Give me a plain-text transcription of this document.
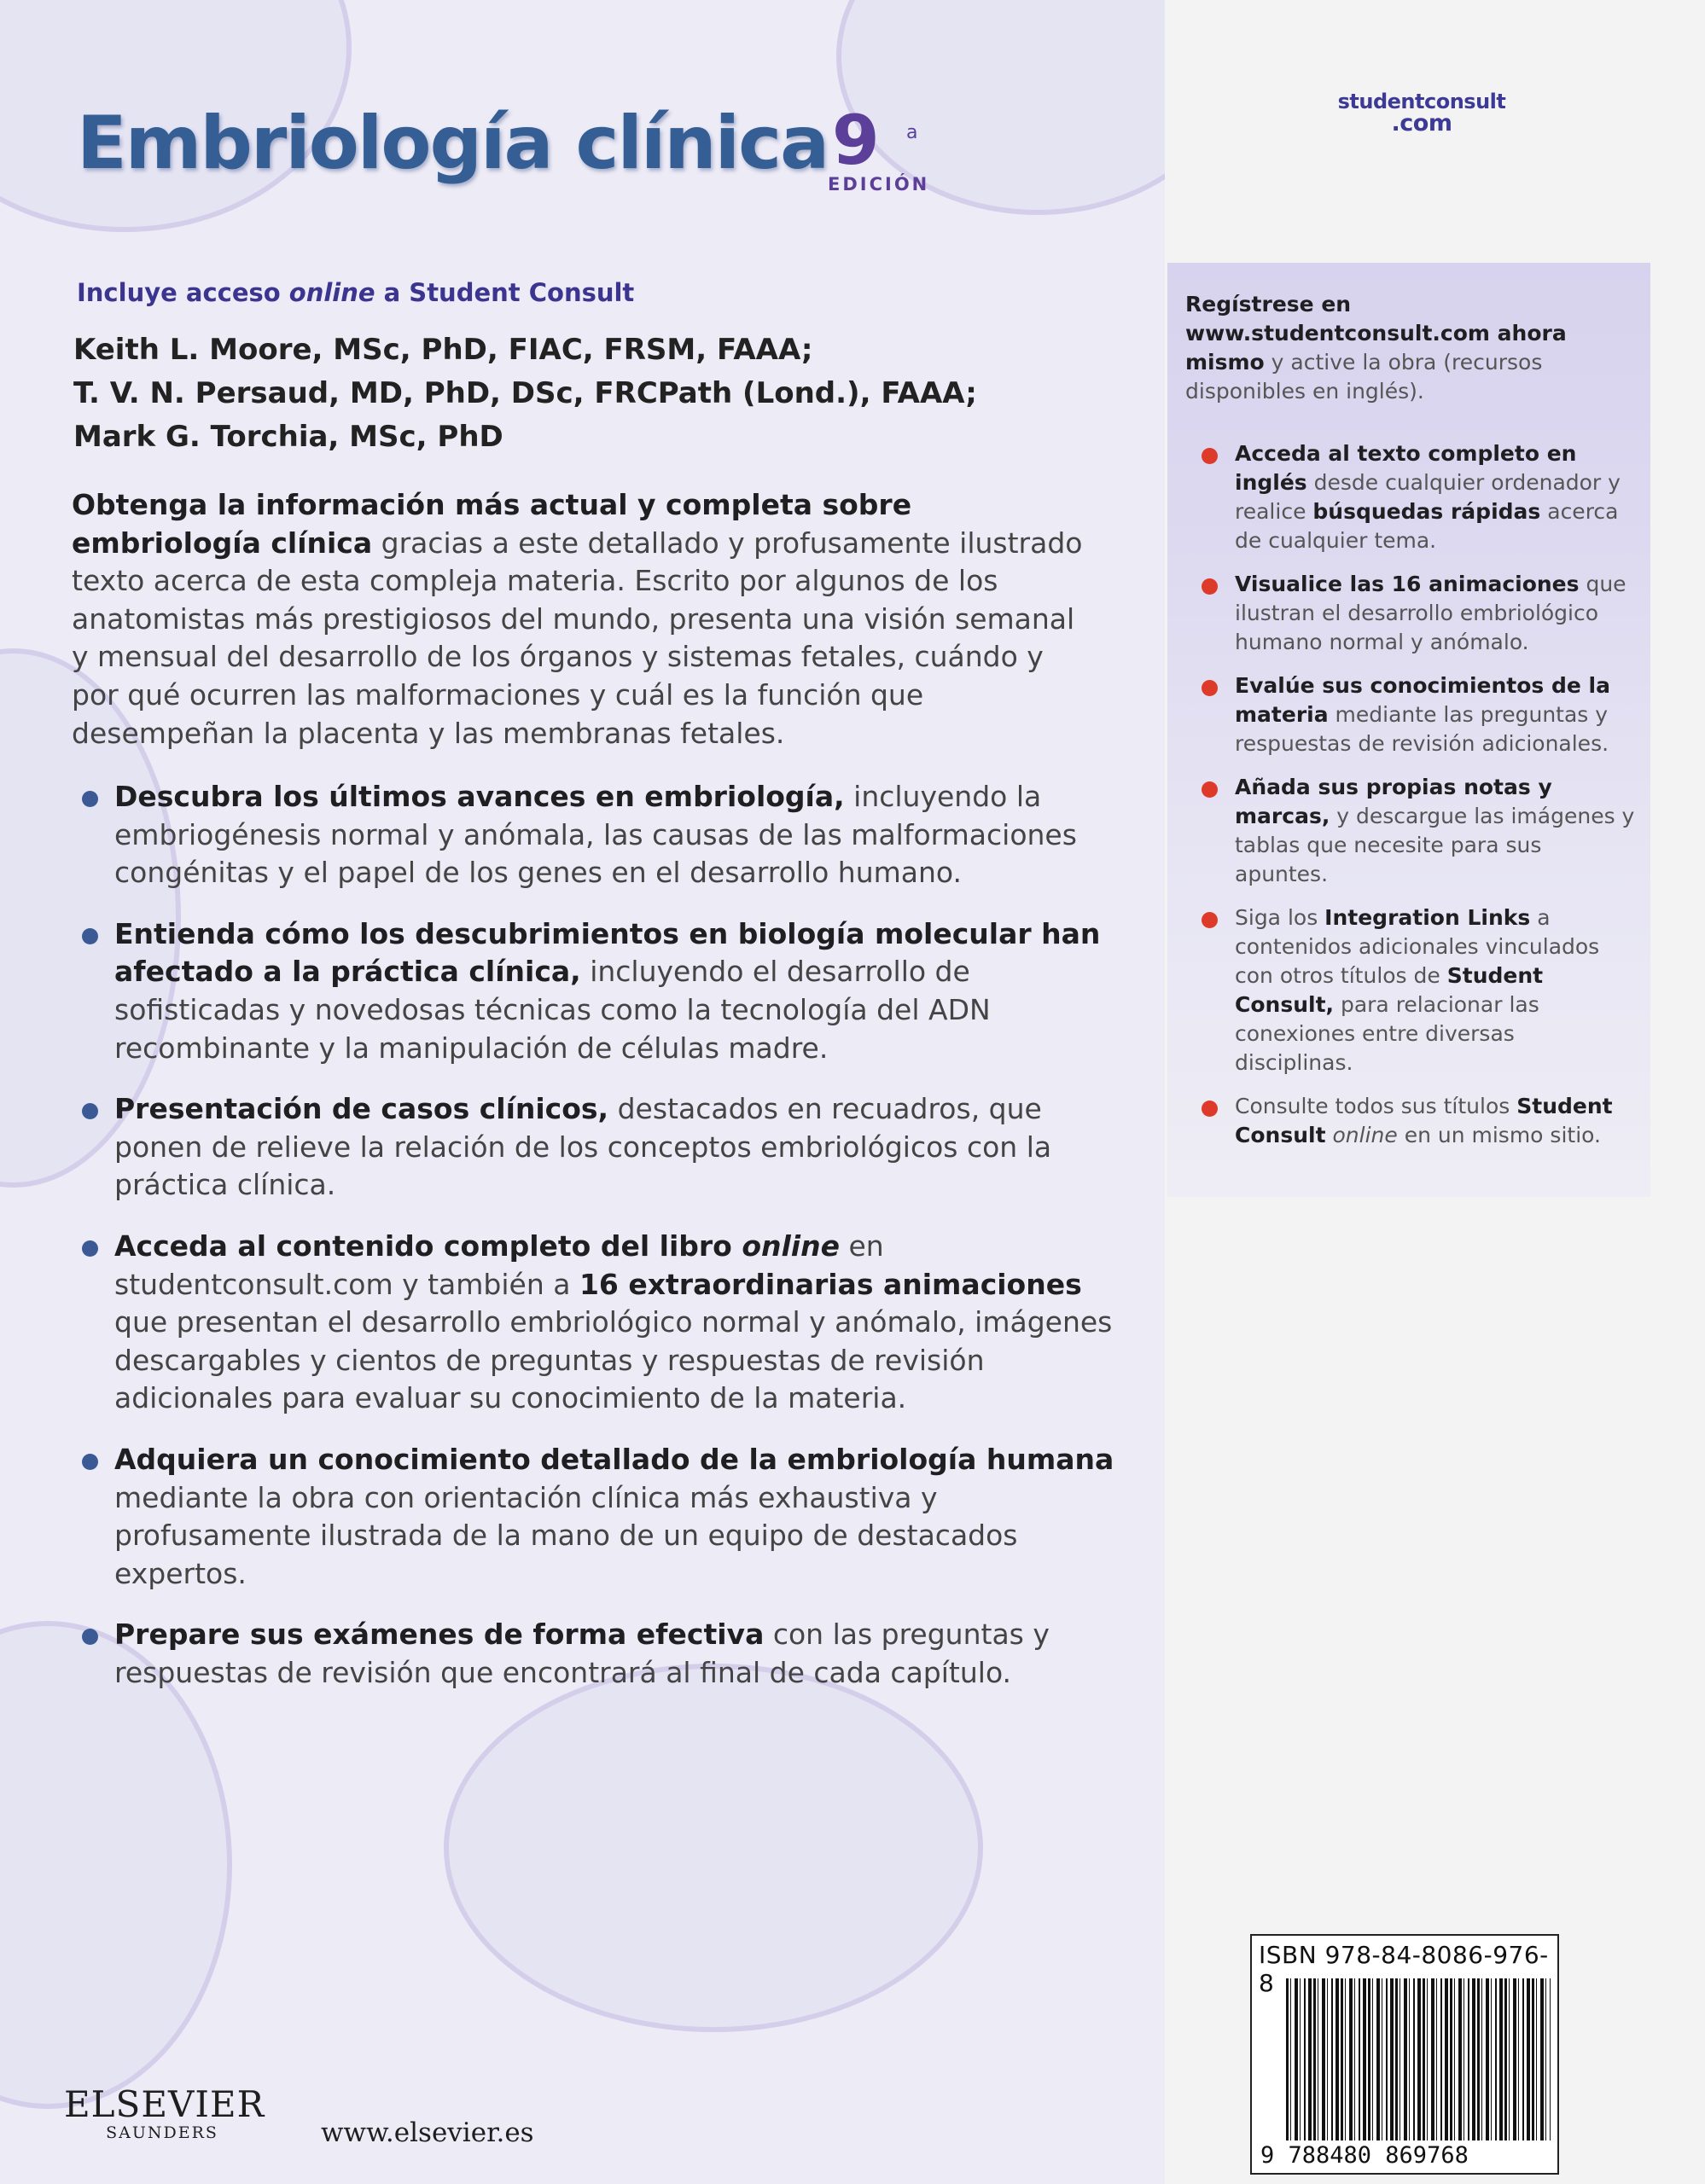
Embriología clínica 9 a
EDICIÓN
Incluye acceso online a Student Consult
Keith L. Moore, MSc, PhD, FIAC, FRSM, FAAA;
T. V. N. Persaud, MD, PhD, DSc, FRCPath (Lond.), FAAA;
Mark G. Torchia, MSc, PhD
Obtenga la información más actual y completa sobre embriología clínica gracias a este detallado y profusamente ilustrado texto acerca de esta compleja materia. Escrito por algunos de los anatomistas más prestigiosos del mundo, presenta una visión semanal y mensual del desarrollo de los órganos y sistemas fetales, cuándo y por qué ocurren las malformaciones y cuál es la función que desempeñan la placenta y las membranas fetales.
Descubra los últimos avances en embriología, incluyendo la embriogénesis normal y anómala, las causas de las malformaciones congénitas y el papel de los genes en el desarrollo humano.
Entienda cómo los descubrimientos en biología molecular han afectado a la práctica clínica, incluyendo el desarrollo de sofisticadas y novedosas técnicas como la tecnología del ADN recombinante y la manipulación de células madre.
Presentación de casos clínicos, destacados en recuadros, que ponen de relieve la relación de los conceptos embriológicos con la práctica clínica.
Acceda al contenido completo del libro online en studentconsult.com y también a 16 extraordinarias animaciones que presentan el desarrollo embriológico normal y anómalo, imágenes descargables y cientos de preguntas y respuestas de revisión adicionales para evaluar su conocimiento de la materia.
Adquiera un conocimiento detallado de la embriología humana mediante la obra con orientación clínica más exhaustiva y profusamente ilustrada de la mano de un equipo de destacados expertos.
Prepare sus exámenes de forma efectiva con las preguntas y respuestas de revisión que encontrará al final de cada capítulo.
studentconsult
.com
Regístrese en www.studentconsult.com ahora mismo y active la obra (recursos disponibles en inglés).
Acceda al texto completo en inglés desde cualquier ordenador y realice búsquedas rápidas acerca de cualquier tema.
Visualice las 16 animaciones que ilustran el desarrollo embriológico humano normal y anómalo.
Evalúe sus conocimientos de la materia mediante las preguntas y respuestas de revisión adicionales.
Añada sus propias notas y marcas, y descargue las imágenes y tablas que necesite para sus apuntes.
Siga los Integration Links a contenidos adicionales vinculados con otros títulos de Student Consult, para relacionar las conexiones entre diversas disciplinas.
Consulte todos sus títulos Student Consult online en un mismo sitio.
ISBN 978-84-8086-976-8
9 788480 869768
ELSEVIER
SAUNDERS	www.elsevier.es
